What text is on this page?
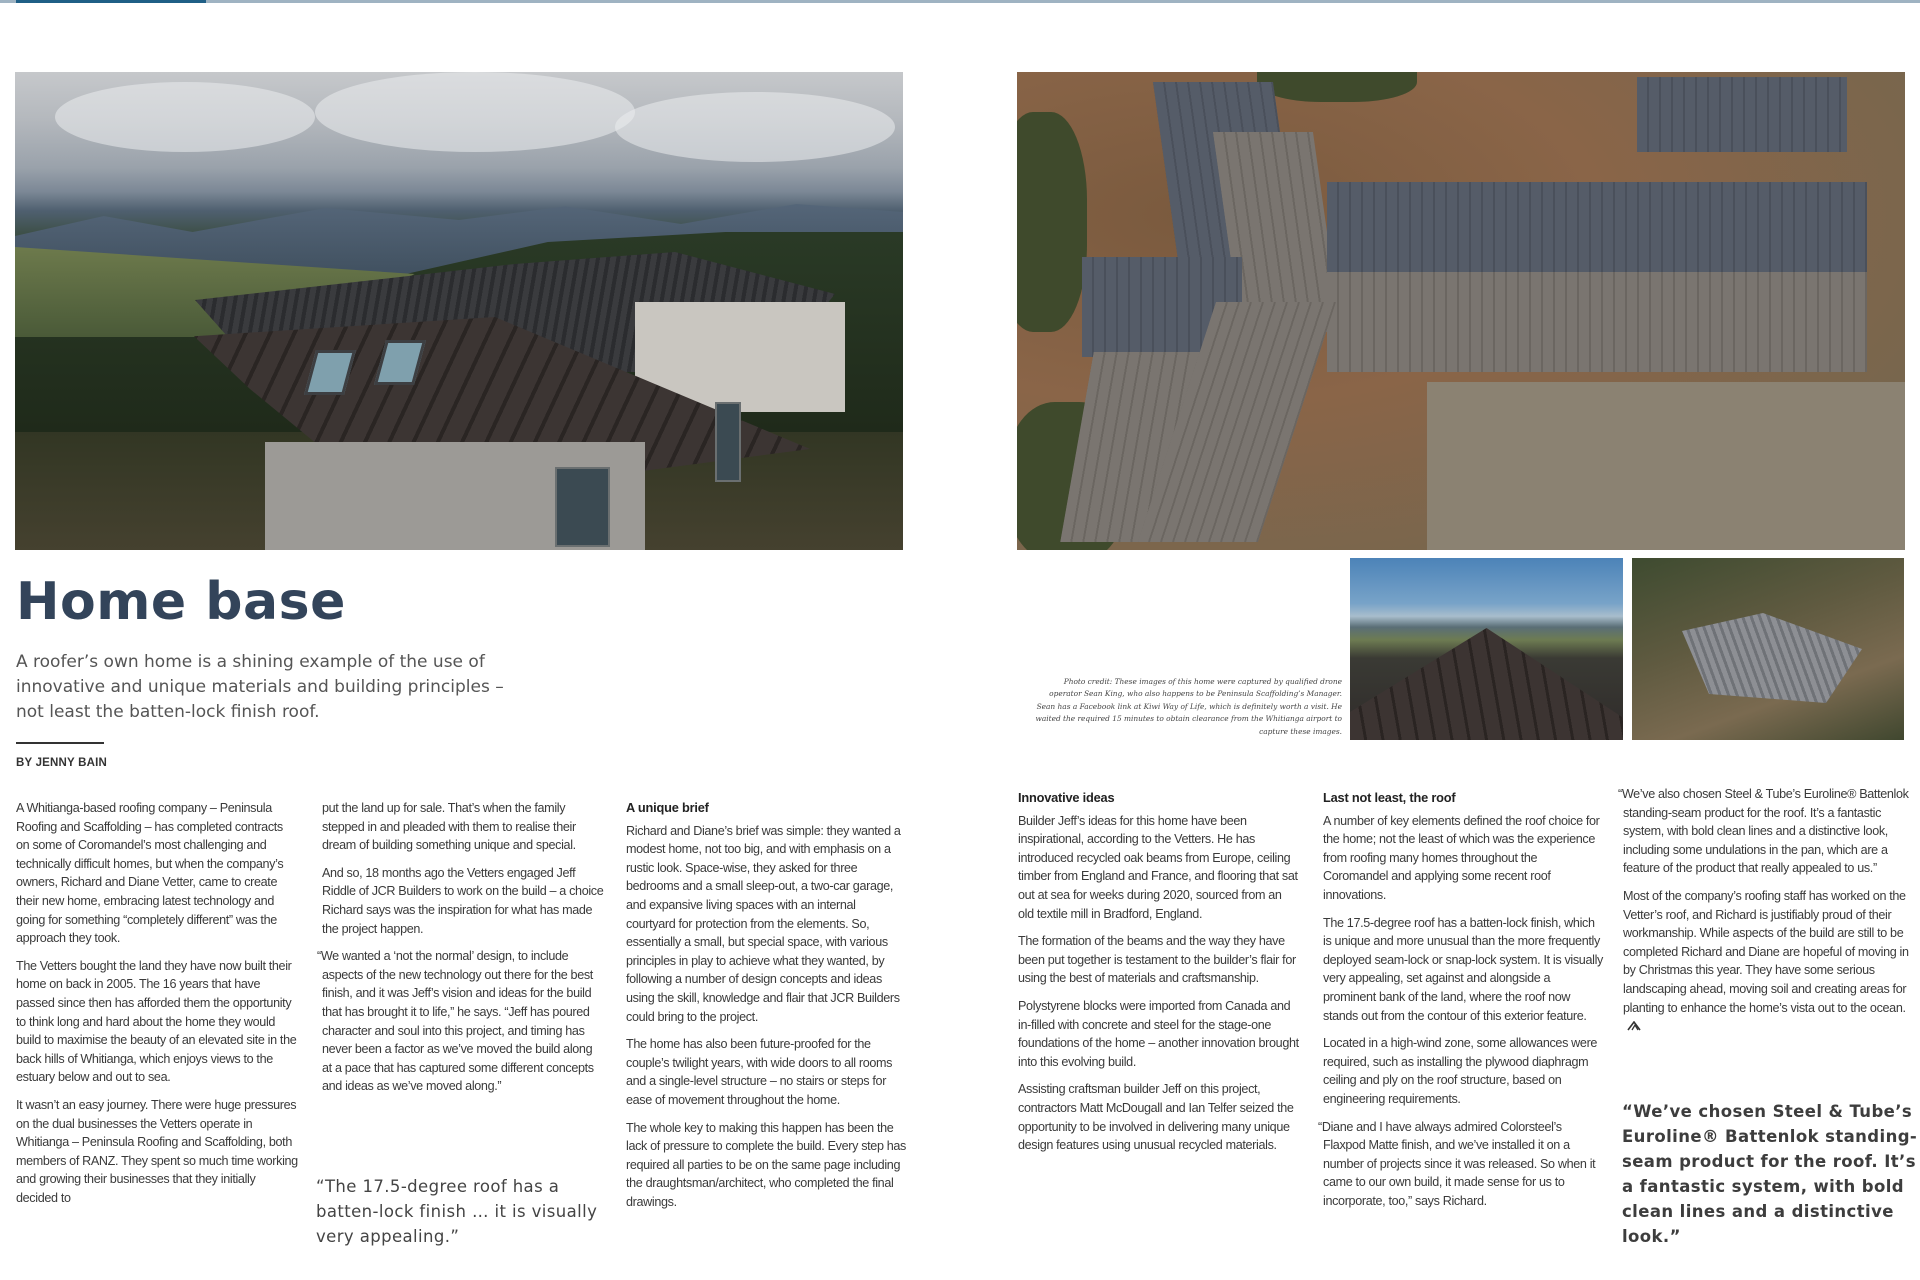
Photo credit: These images of this home were captured by qualified drone operator Sean King, who also happens to be Peninsula Scaffolding’s Manager. Sean has a Facebook link at Kiwi Way of Life, which is definitely worth a visit. He waited the required 15 minutes to obtain clearance from the Whitianga airport to capture these images.
Home base

A roofer’s own home is a shining example of the use of innovative and unique materials and building principles – not least the batten-lock finish roof.

BY JENNY BAIN

A Whitianga-based roofing company – Peninsula Roofing and Scaffolding – has completed contracts on some of Coromandel’s most challenging and technically difficult homes, but when the company’s owners, Richard and Diane Vetter, came to create their new home, embracing latest technology and going for something “completely different” was the approach they took.

The Vetters bought the land they have now built their home on back in 2005. The 16 years that have passed since then has afforded them the opportunity to think long and hard about the home they would build to maximise the beauty of an elevated site in the back hills of Whitianga, which enjoys views to the estuary below and out to sea.

It wasn’t an easy journey. There were huge pressures on the dual businesses the Vetters operate in Whitianga – Peninsula Roofing and Scaffolding, both members of RANZ. They spent so much time working and growing their businesses that they initially decided to

put the land up for sale. That’s when the family stepped in and pleaded with them to realise their dream of building something unique and special.

And so, 18 months ago the Vetters engaged Jeff Riddle of JCR Builders to work on the build – a choice Richard says was the inspiration for what has made the project happen.

“We wanted a ‘not the normal’ design, to include aspects of the new technology out there for the best finish, and it was Jeff’s vision and ideas for the build that has brought it to life,” he says. “Jeff has poured character and soul into this project, and timing has never been a factor as we’ve moved the build along at a pace that has captured some different concepts and ideas as we’ve moved along.”

“The 17.5-degree roof has a batten-lock finish … it is visually very appealing.”
A unique brief

Richard and Diane’s brief was simple: they wanted a modest home, not too big, and with emphasis on a rustic look. Space-wise, they asked for three bedrooms and a small sleep-out, a two-car garage, and expansive living spaces with an internal courtyard for protection from the elements. So, essentially a small, but special space, with various principles in play to achieve what they wanted, by following a number of design concepts and ideas using the skill, knowledge and flair that JCR Builders could bring to the project.

The home has also been future-proofed for the couple’s twilight years, with wide doors to all rooms and a single-level structure – no stairs or steps for ease of movement throughout the home.

The whole key to making this happen has been the lack of pressure to complete the build. Every step has required all parties to be on the same page including the draughtsman/architect, who completed the final drawings.

Innovative ideas

Builder Jeff’s ideas for this home have been inspirational, according to the Vetters. He has introduced recycled oak beams from Europe, ceiling timber from England and France, and flooring that sat out at sea for weeks during 2020, sourced from an old textile mill in Bradford, England.

The formation of the beams and the way they have been put together is testament to the builder’s flair for using the best of materials and craftsmanship.

Polystyrene blocks were imported from Canada and in-filled with concrete and steel for the stage-one foundations of the home – another innovation brought into this evolving build.

Assisting craftsman builder Jeff on this project, contractors Matt McDougall and Ian Telfer seized the opportunity to be involved in delivering many unique design features using unusual recycled materials.

Last not least, the roof

A number of key elements defined the roof choice for the home; not the least of which was the experience from roofing many homes throughout the Coromandel and applying some recent roof innovations.

The 17.5-degree roof has a batten-lock finish, which is unique and more unusual than the more frequently deployed seam-lock or snap-lock system. It is visually very appealing, set against and alongside a prominent bank of the land, where the roof now stands out from the contour of this exterior feature.

Located in a high-wind zone, some allowances were required, such as installing the plywood diaphragm ceiling and ply on the roof structure, based on engineering requirements.

“Diane and I have always admired Colorsteel’s Flaxpod Matte finish, and we’ve installed it on a number of projects since it was released. So when it came to our own build, it made sense for us to incorporate, too,” says Richard.

“We’ve also chosen Steel & Tube’s Euroline® Battenlok standing-seam product for the roof. It’s a fantastic system, with bold clean lines and a distinctive look, including some undulations in the pan, which are a feature of the product that really appealed to us.”

Most of the company’s roofing staff has worked on the Vetter’s roof, and Richard is justifiably proud of their workmanship. While aspects of the build are still to be completed Richard and Diane are hopeful of moving in by Christmas this year. They have some serious landscaping ahead, moving soil and creating areas for planting to enhance the home’s vista out to the ocean.

“We’ve chosen Steel & Tube’s Euroline® Battenlok standing-seam product for the roof. It’s a fantastic system, with bold clean lines and a distinctive look.”
